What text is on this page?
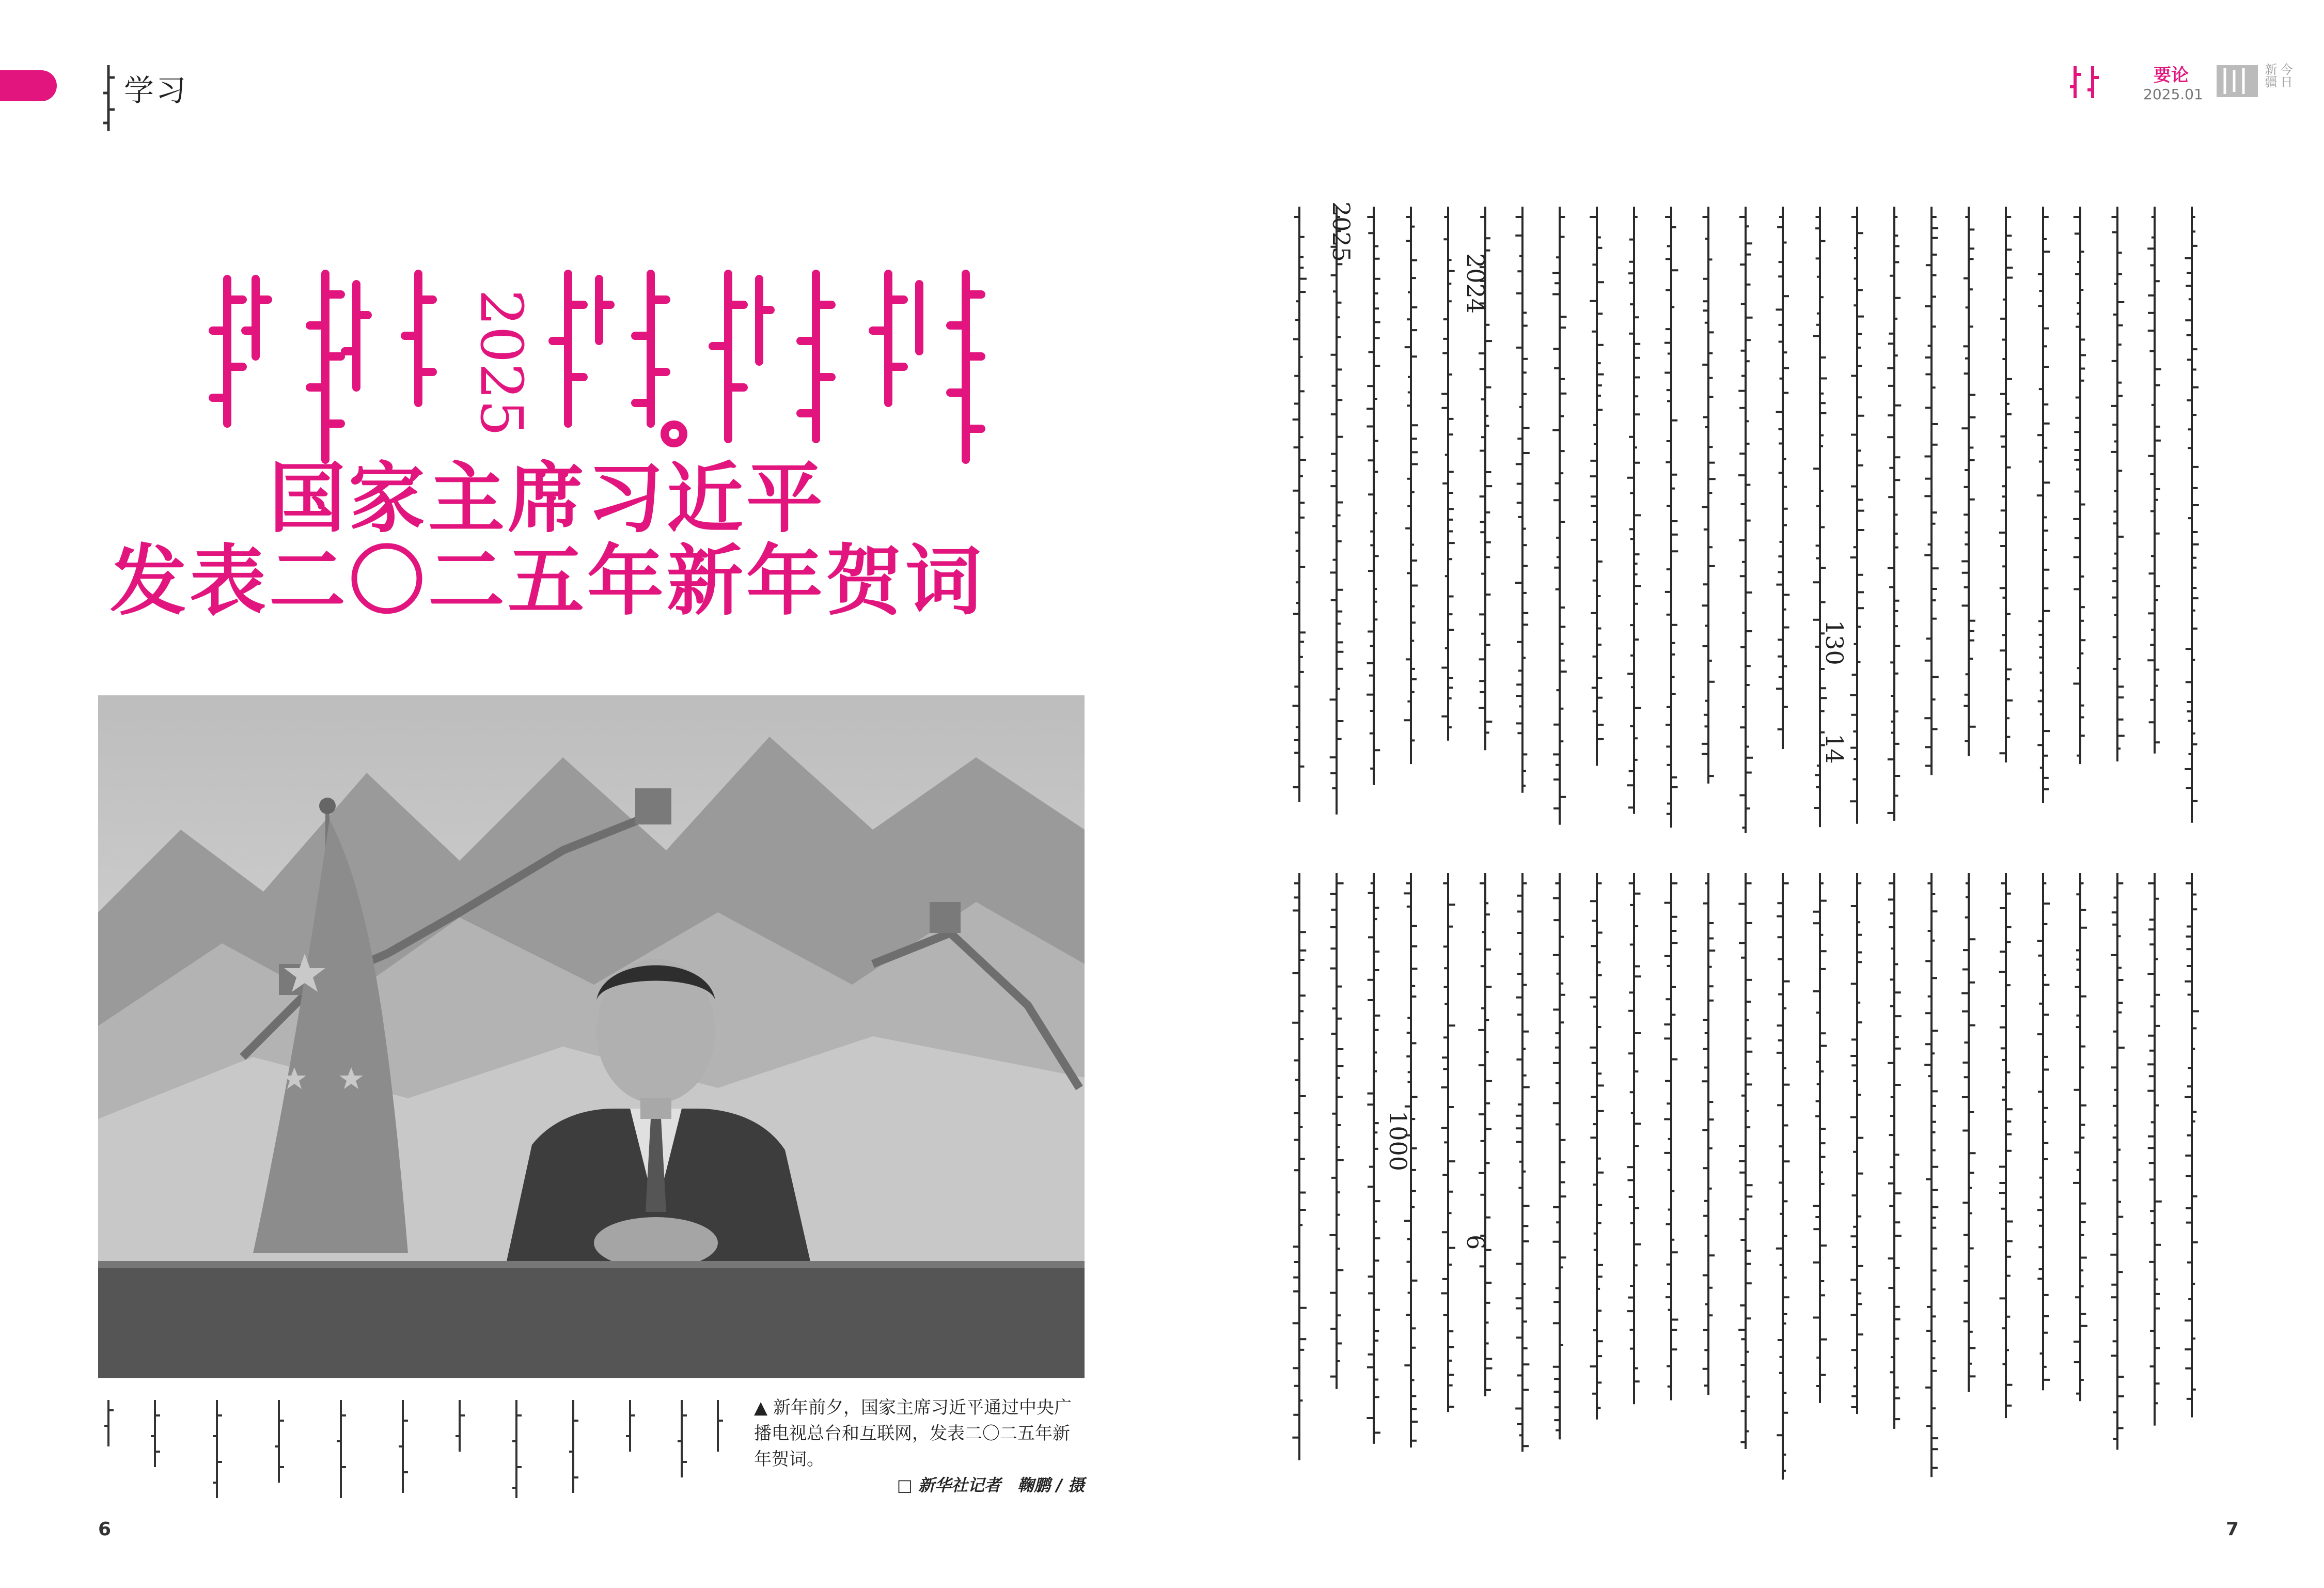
学习	要论
2025.01
今日新疆
2025
国家主席习近平
发表二〇二五年新年贺词
▲ 新年前夕，国家主席习近平通过中央广播电视总台和互联网，发表二〇二五年新年贺词。
□ 新华社记者　鞠鹏 / 摄
130
14
2024
2025
1000
6
6	7
